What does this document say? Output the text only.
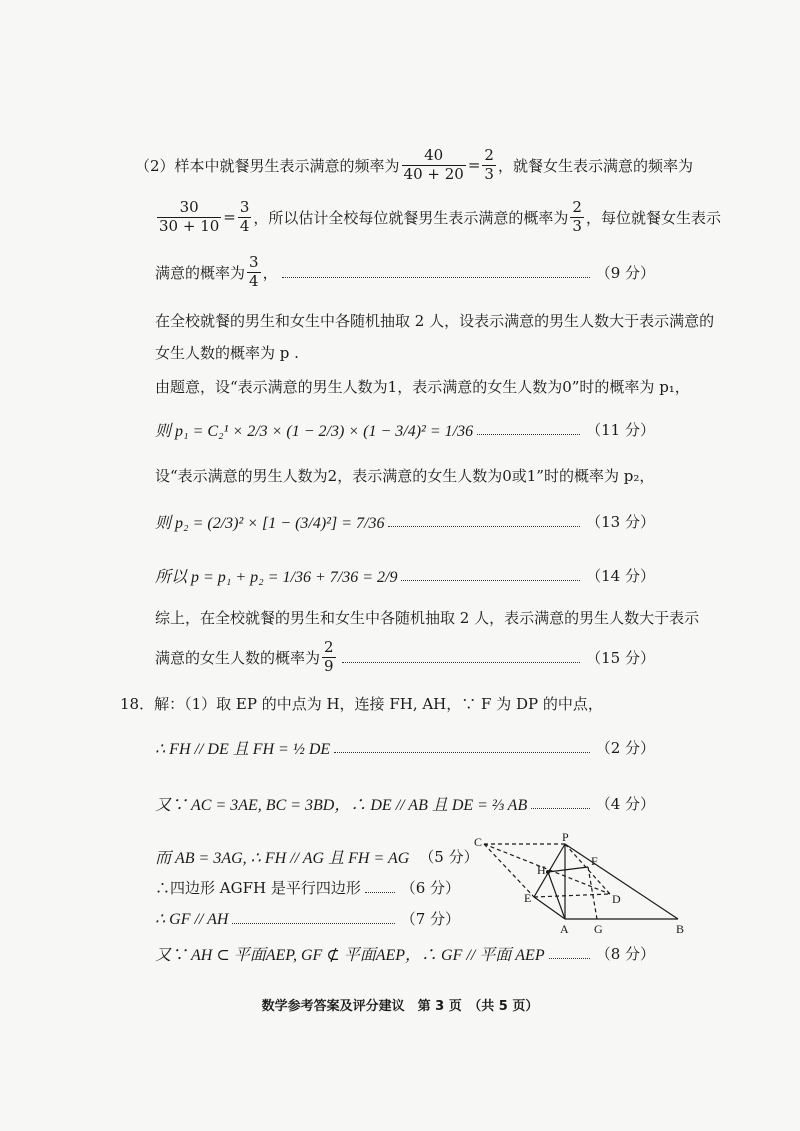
（2）样本中就餐男生表示满意的频率为 $\frac{40}{40 + 20} = \frac{2}{3}$ ，就餐女生表示满意的频率为
$\frac{30}{30 + 10} = \frac{3}{4}$ ，所以估计全校每位就餐男生表示满意的概率为 $\frac{2}{3}$ ，每位就餐女生表示
满意的概率为 $\frac{3}{4}$ ，	（9 分）
在全校就餐的男生和女生中各随机抽取 2 人，设表示满意的男生人数大于表示满意的
女生人数的概率为 p .
由题意，设“表示满意的男生人数为1，表示满意的女生人数为0”时的概率为 p₁，
则 p₁ = C₂¹ × 2/3 × (1 − 2/3) × (1 − 3/4)² = 1/36	（11 分）
设“表示满意的男生人数为2，表示满意的女生人数为0或1”时的概率为 p₂，
则 p₂ = (2/3)² × [1 − (3/4)²] = 7/36	（13 分）
所以 p = p₁ + p₂ = 1/36 + 7/36 = 2/9	（14 分）
综上，在全校就餐的男生和女生中各随机抽取 2 人，表示满意的男生人数大于表示
满意的女生人数的概率为 $\frac{2}{9}$	（15 分）
18．解：（1）取 EP 的中点为 H，连接 FH, AH，∵ F 为 DP 的中点，
∴ FH // DE 且 FH = ½ DE	（2 分）
又∵ AC = 3AE, BC = 3BD，∴ DE // AB 且 DE = ⅔ AB	（4 分）
而 AB = 3AG, ∴ FH // AG 且 FH = AG （5 分）
∴四边形 AGFH 是平行四边形	（6 分）
∴ GF // AH	（7 分）
又∵ AH ⊂ 平面AEP, GF ⊄ 平面AEP，∴ GF // 平面 AEP	（8 分）
C	P
F
H
E	D
A G	B
数学参考答案及评分建议　第 3 页　（共 5 页）
